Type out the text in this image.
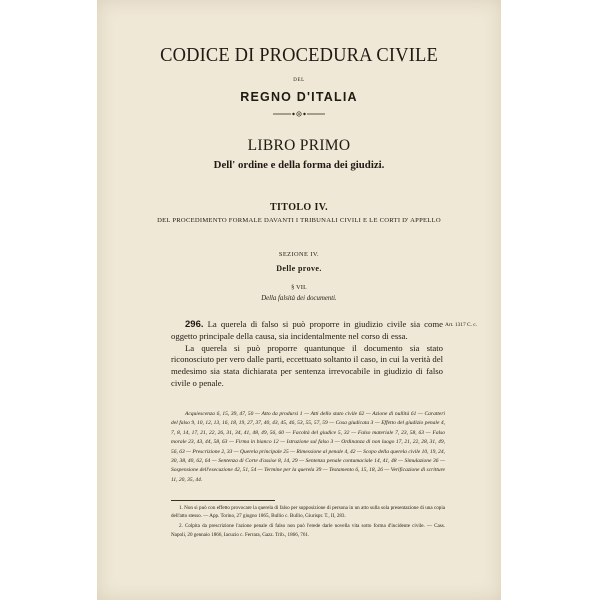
CODICE DI PROCEDURA CIVILE
DEL
REGNO D'ITALIA
LIBRO PRIMO
Dell' ordine e della forma dei giudizi.
TITOLO IV.
DEL PROCEDIMENTO FORMALE DAVANTI I TRIBUNALI CIVILI E LE CORTI D' APPELLO
SEZIONE IV.
Delle prove.
§ VII.
Della falsità dei documenti.

296. La querela di falso si può proporre in giudizio civile sia come oggetto principale della causa, sia incidentalmente nel corso di essa.

La querela si può proporre quantunque il documento sia stato riconosciuto per vero dalle parti, eccettuato soltanto il caso, in cui la verità del medesimo sia stata dichiarata per sentenza irrevocabile in giudizio di falso civile o penale.

Art. 1317 C. c.

Acquiescenza 6, 15, 39, 47, 50 — Atto da prodursi 1 — Atti dello stato civile 62 — Azione di nullità 61 — Caratteri del falso 9, 10, 12, 13, 16, 18, 19, 27, 37, 40, 43, 45, 46, 53, 55, 57, 59 — Cosa giudicata 3 — Effetto del giudizio penale 4, 7, 8, 14, 17, 21, 22, 26, 31, 34, 41, 48, 49, 56, 60 — Facoltà del giudice 5, 32 — Falso materiale 7, 23, 58, 63 — Falso morale 23, 43, 44, 58, 63 — Firma in bianco 12 — Istruzione sul falso 3 — Ordinanza di non luogo 17, 21, 22, 28, 31, 49, 56, 63 — Prescrizione 2, 33 — Querela principale 25 — Rimessione al penale 4, 42 — Scopo della querela civile 10, 19, 24, 30, 38, 40, 62, 64 — Sentenza di Corte d'assise 8, 14, 29 — Sentenza penale contumaciale 14, 41, 48 — Simulazione 36 — Sospensione dell'esecuzione 42, 51, 54 — Termine per la querela 39 — Testamento 6, 15, 18, 26 — Verificazione di scritture 11, 20, 35, 44.

1. Non si può con effetto provocare la querela di falso per supposizione di persona in un atto sulla sola presentazione di una copia dell'atto stesso. — App. Torino, 27 giugno 1865, Bullio c. Bullio, Giurispr. T., II, 283.

2. Colpita da prescrizione l'azione penale di falso non può l'erede darle novella vita sotto forma d'incidente civile. — Cass. Napoli, 20 gennaio 1866, Iacuzio c. Ferrara, Gazz. Trib., 1866, 761.
